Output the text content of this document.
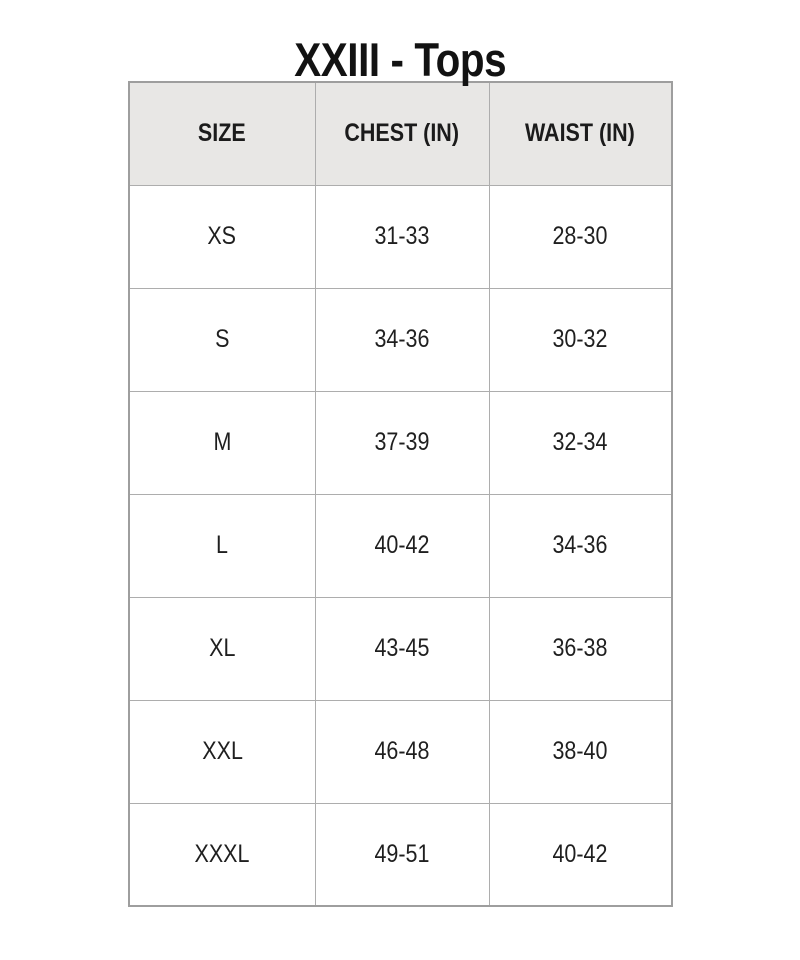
XXIII - Tops
SIZE	CHEST (IN)	WAIST (IN)
XS	31-33	28-30
S	34-36	30-32
M	37-39	32-34
L	40-42	34-36
XL	43-45	36-38
XXL	46-48	38-40
XXXL	49-51	40-42
